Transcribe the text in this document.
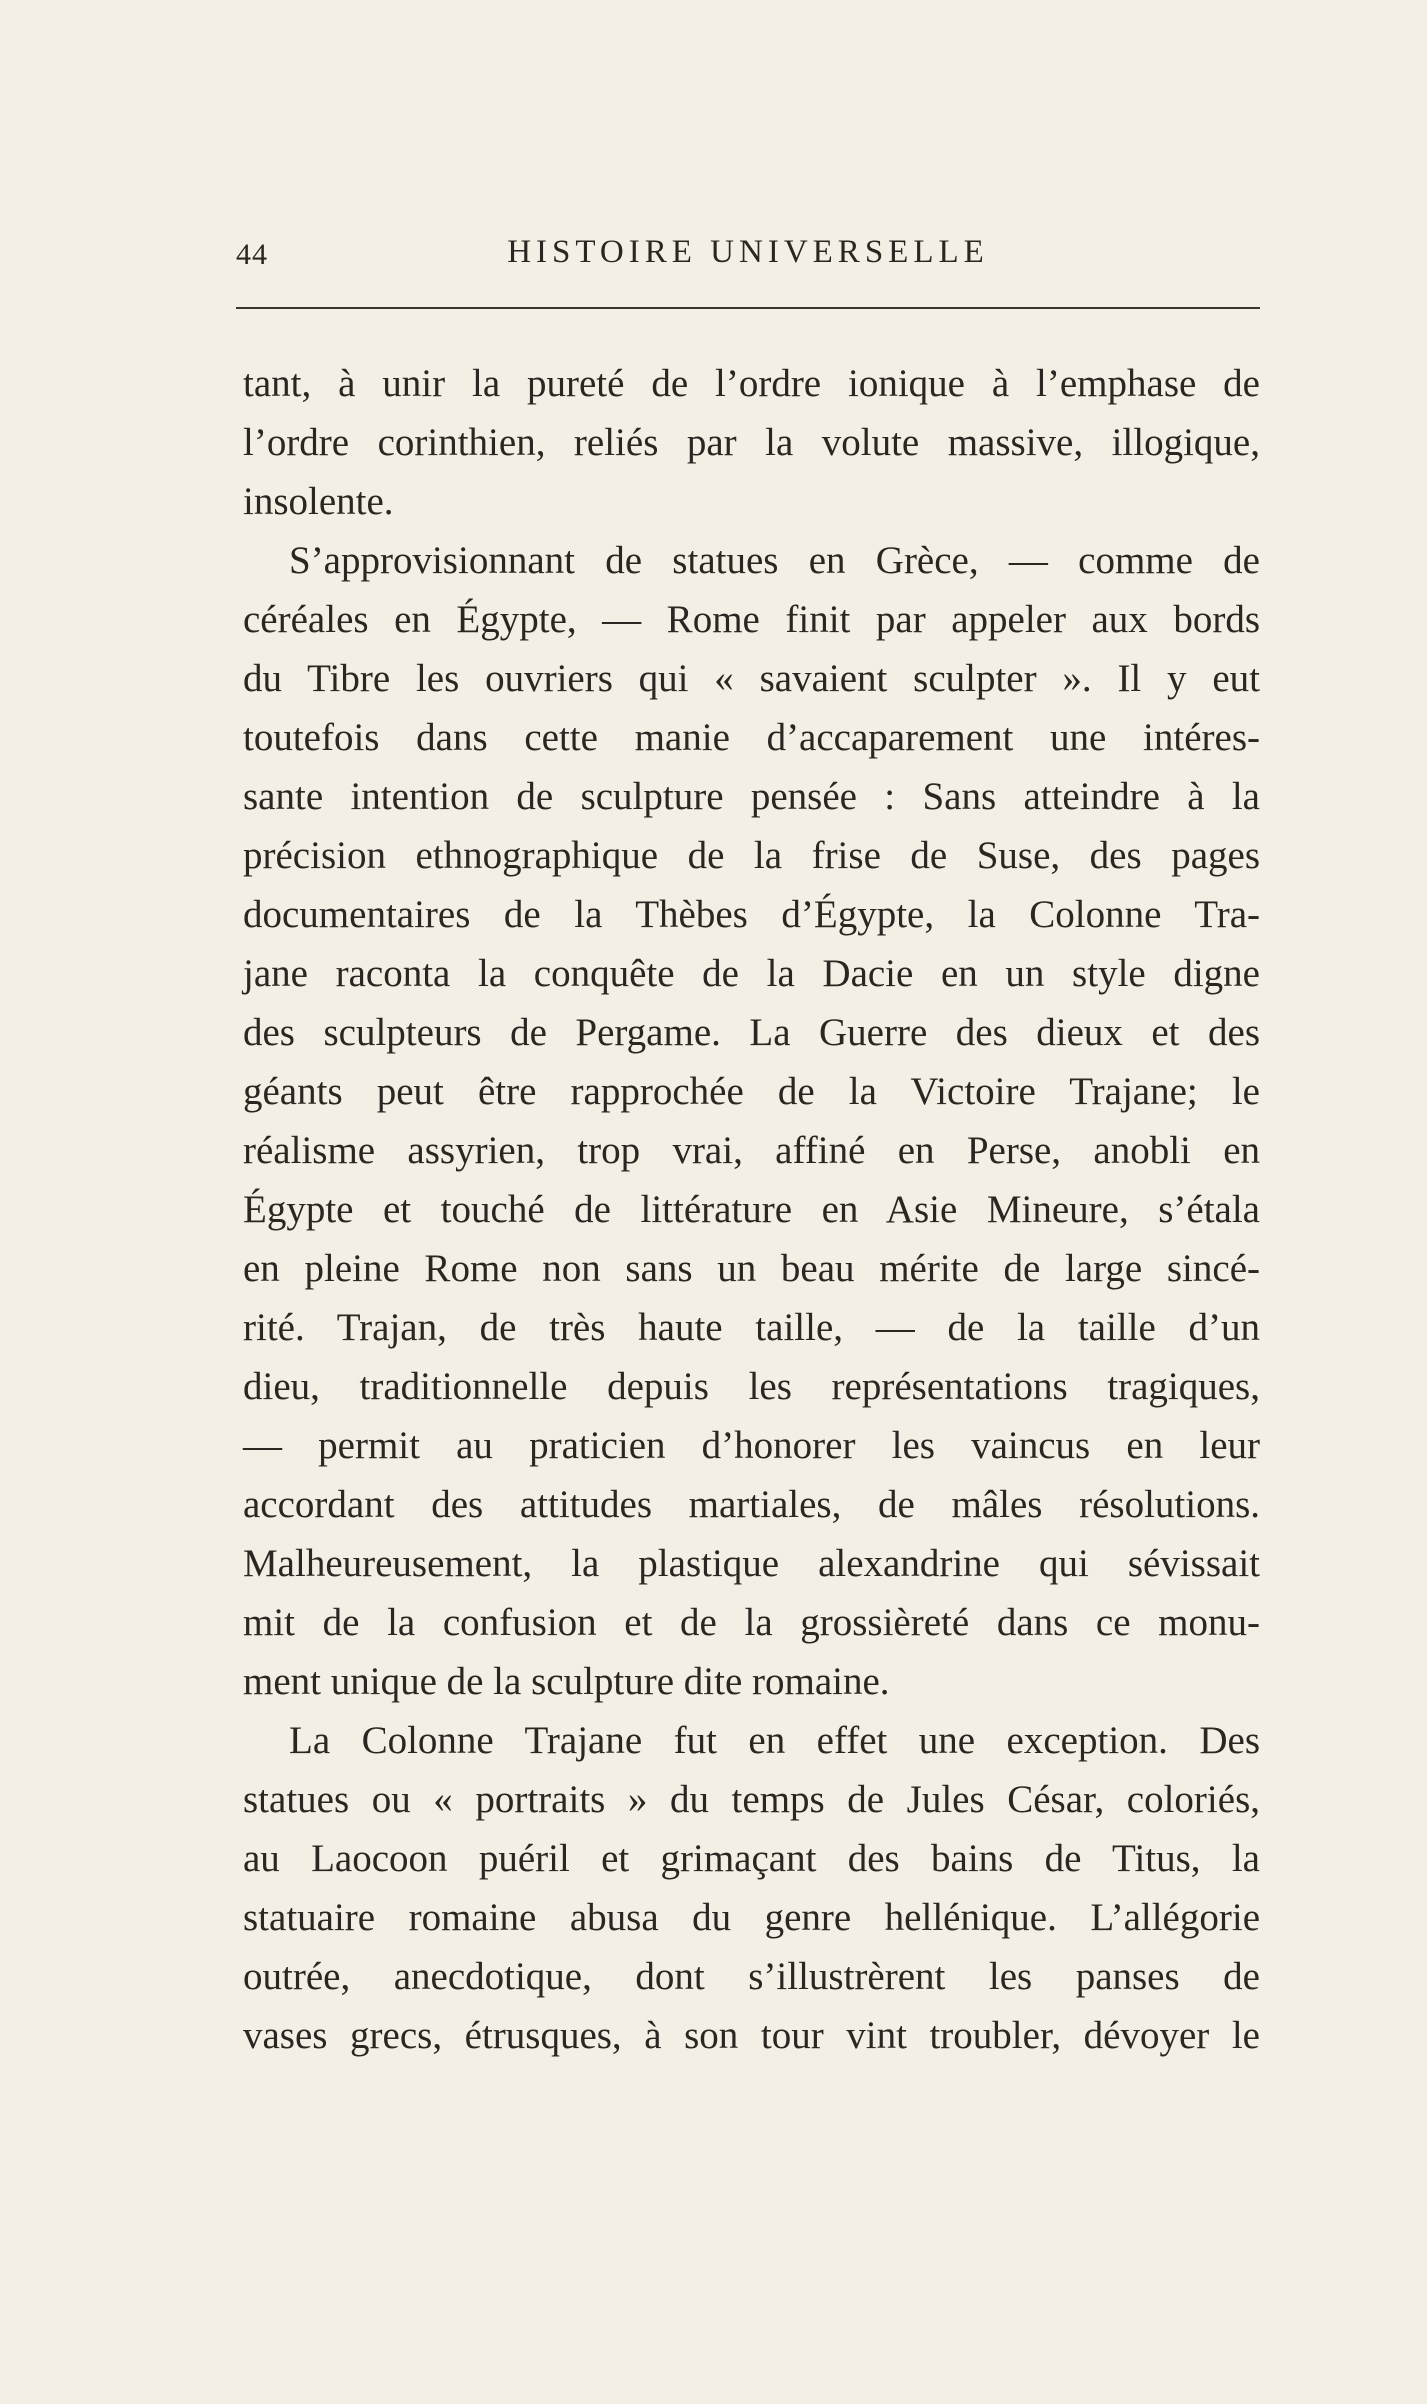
44	HISTOIRE UNIVERSELLE
tant, à unir la pureté de l’ordre ionique à l’emphase de
l’ordre corinthien, reliés par la volute massive, illogique,
insolente.
S’approvisionnant de statues en Grèce, — comme de
céréales en Égypte, — Rome finit par appeler aux bords
du Tibre les ouvriers qui « savaient sculpter ». Il y eut
toutefois dans cette manie d’accaparement une intéres-
sante intention de sculpture pensée : Sans atteindre à la
précision ethnographique de la frise de Suse, des pages
documentaires de la Thèbes d’Égypte, la Colonne Tra-
jane raconta la conquête de la Dacie en un style digne
des sculpteurs de Pergame. La Guerre des dieux et des
géants peut être rapprochée de la Victoire Trajane; le
réalisme assyrien, trop vrai, affiné en Perse, anobli en
Égypte et touché de littérature en Asie Mineure, s’étala
en pleine Rome non sans un beau mérite de large sincé-
rité. Trajan, de très haute taille, — de la taille d’un
dieu, traditionnelle depuis les représentations tragiques,
— permit au praticien d’honorer les vaincus en leur
accordant des attitudes martiales, de mâles résolutions.
Malheureusement, la plastique alexandrine qui sévissait
mit de la confusion et de la grossièreté dans ce monu-
ment unique de la sculpture dite romaine.
La Colonne Trajane fut en effet une exception. Des
statues ou « portraits » du temps de Jules César, coloriés,
au Laocoon puéril et grimaçant des bains de Titus, la
statuaire romaine abusa du genre hellénique. L’allégorie
outrée, anecdotique, dont s’illustrèrent les panses de
vases grecs, étrusques, à son tour vint troubler, dévoyer le
